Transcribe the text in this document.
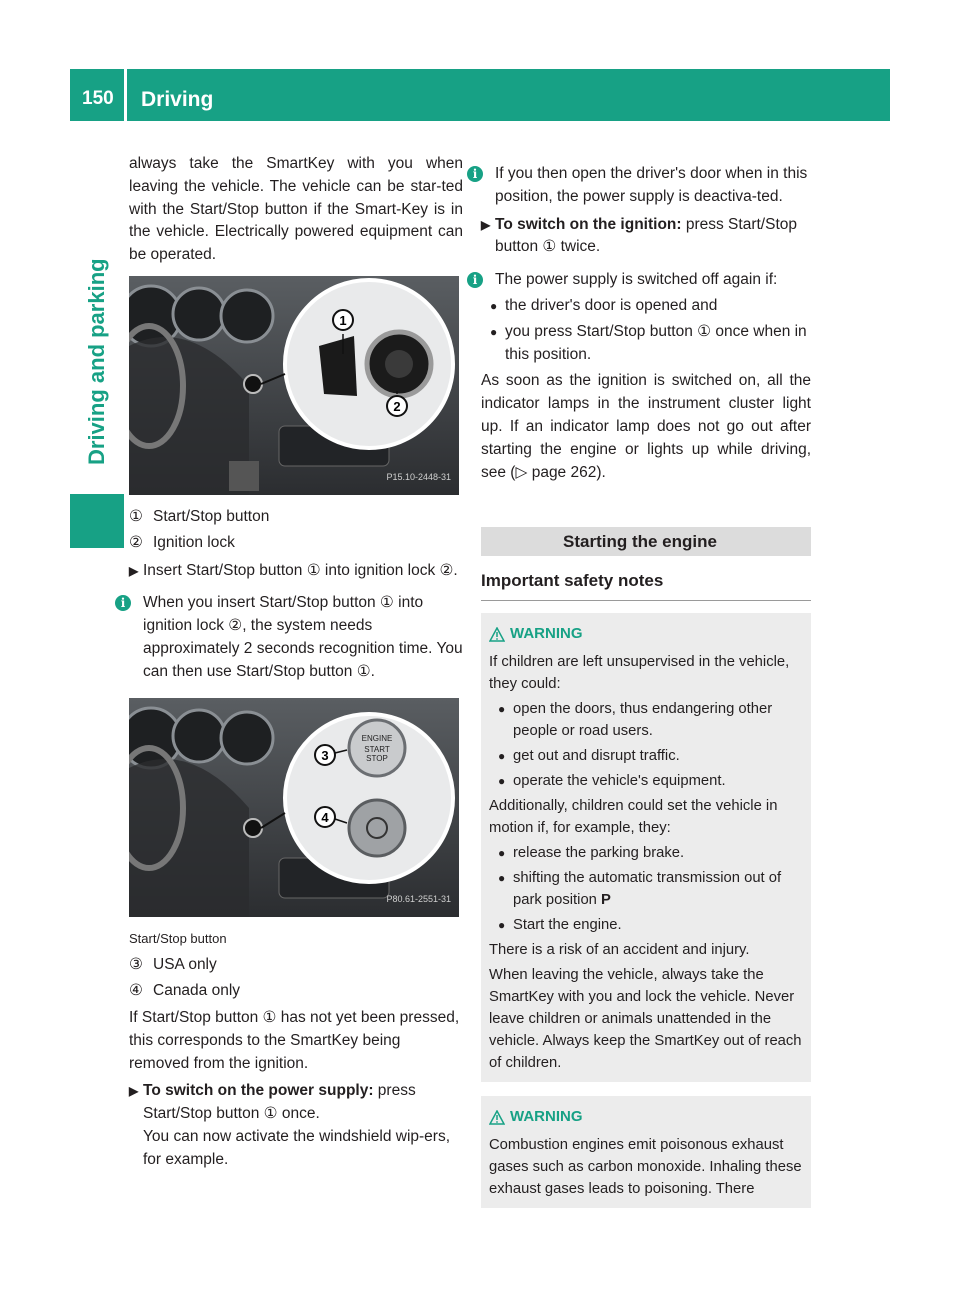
150 Driving
Driving and parking

always take the SmartKey with you when leaving the vehicle. The vehicle can be star-ted with the Start/Stop button if the Smart-Key is in the vehicle. Electrically powered equipment can be operated.

1
2
P15.10-2448-31

① Start/Stop button

② Ignition lock

▶ Insert Start/Stop button ① into ignition lock ②.

i	When you insert Start/Stop button ① into ignition lock ②, the system needs approximately 2 seconds recognition time. You can then use Start/Stop button ①.

ENGINE
START
STOP
3
4
P80.61-2551-31

Start/Stop button

③ USA only

④ Canada only

If Start/Stop button ① has not yet been pressed, this corresponds to the SmartKey being removed from the ignition.

▶ To switch on the power supply: press Start/Stop button ① once.

You can now activate the windshield wip-ers, for example.

i	If you then open the driver's door when in this position, the power supply is deactiva-ted.

▶ To switch on the ignition: press Start/Stop button ① twice.

i	The power supply is switched off again if:

● the driver's door is opened and

● you press Start/Stop button ① once when in this position.

As soon as the ignition is switched on, all the indicator lamps in the instrument cluster light up. If an indicator lamp does not go out after starting the engine or lights up while driving, see (▷ page 262).

Starting the engine

Important safety notes

WARNING

If children are left unsupervised in the vehicle, they could:

● open the doors, thus endangering other people or road users.

● get out and disrupt traffic.

● operate the vehicle's equipment.

Additionally, children could set the vehicle in motion if, for example, they:

● release the parking brake.

● shifting the automatic transmission out of park position P

● Start the engine.

There is a risk of an accident and injury.

When leaving the vehicle, always take the SmartKey with you and lock the vehicle. Never leave children or animals unattended in the vehicle. Always keep the SmartKey out of reach of children.

WARNING

Combustion engines emit poisonous exhaust gases such as carbon monoxide. Inhaling these exhaust gases leads to poisoning. There
